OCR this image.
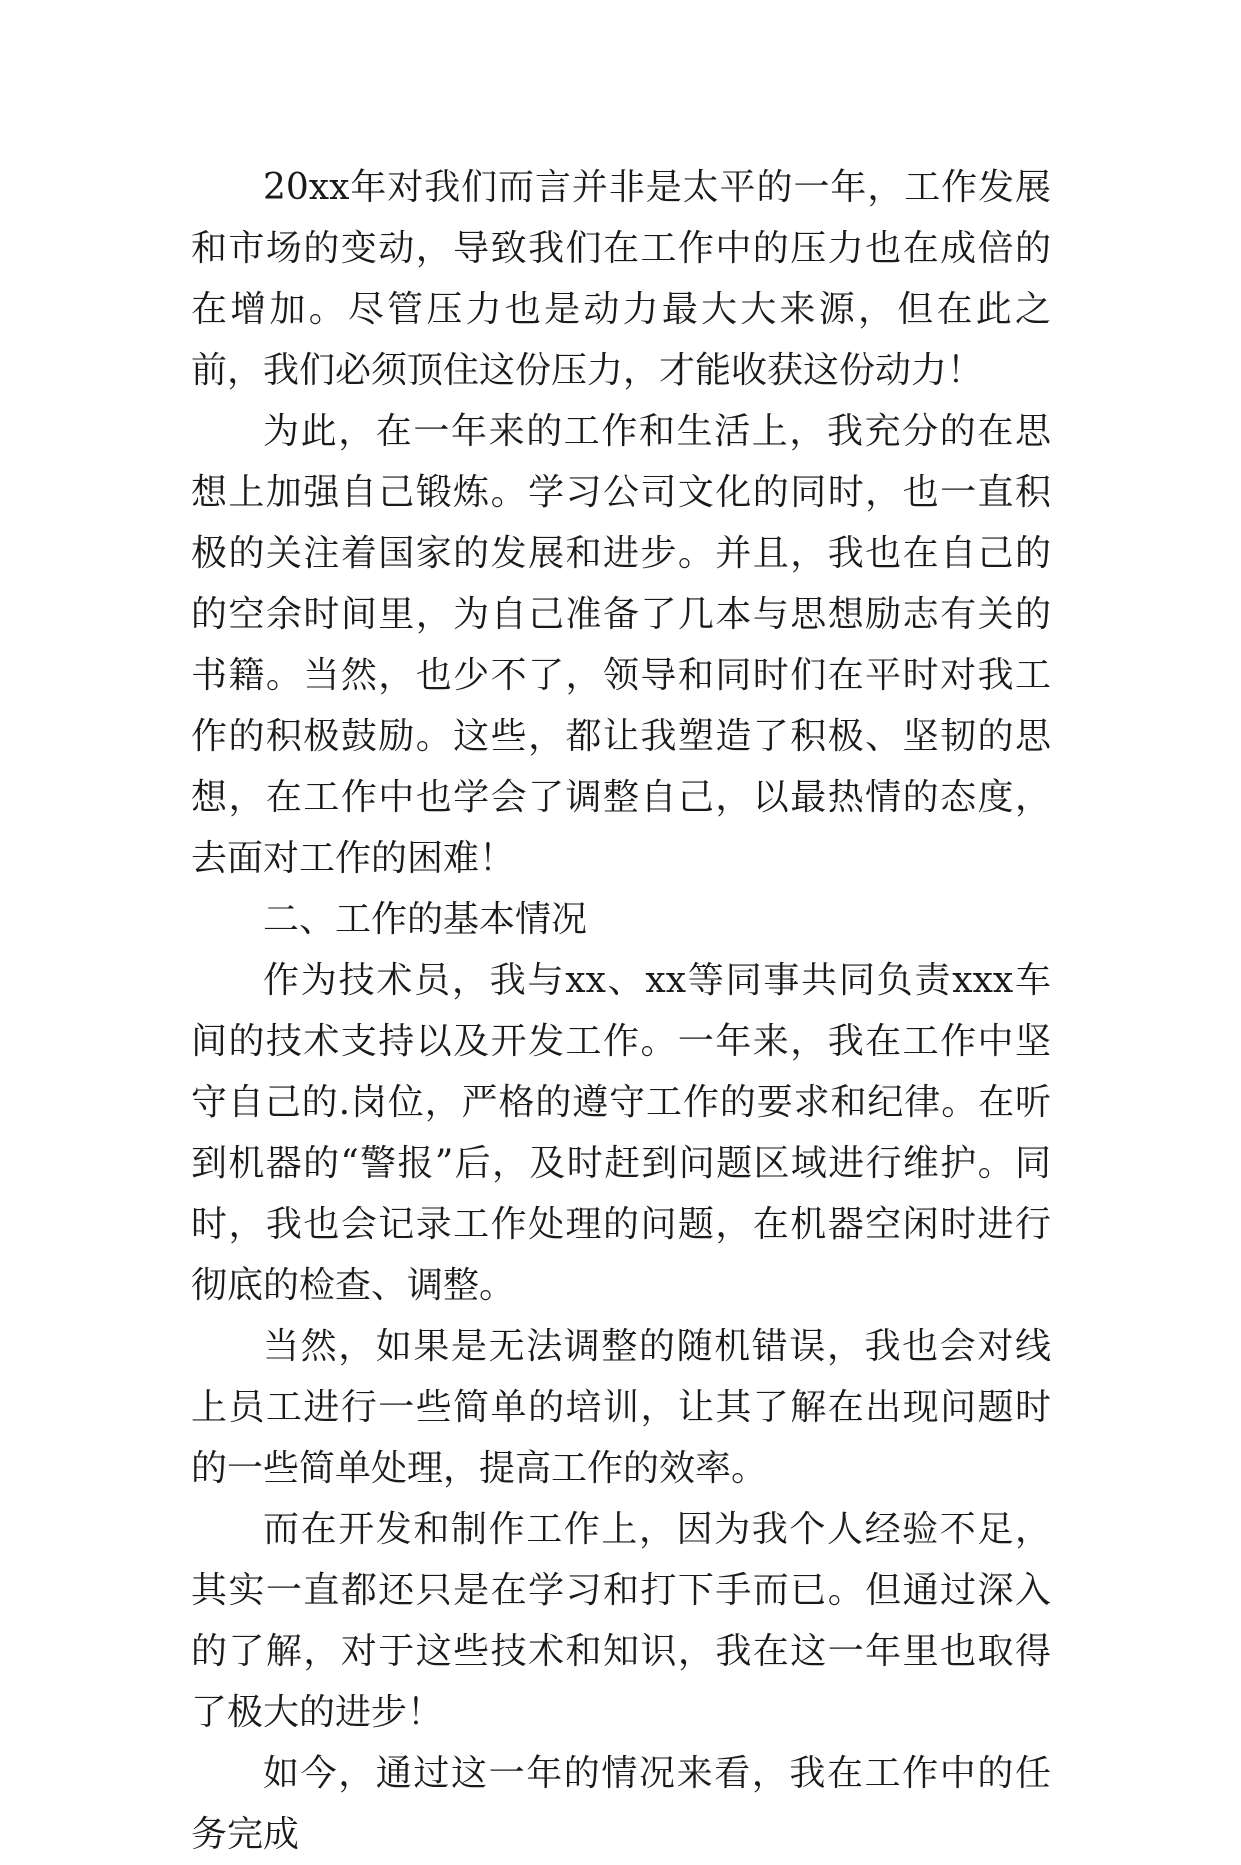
20xx年对我们而言并非是太平的一年，工作发展和市场的变动，导致我们在工作中的压力也在成倍的在增加。尽管压力也是动力最大大来源，但在此之前，我们必须顶住这份压力，才能收获这份动力！

为此，在一年来的工作和生活上，我充分的在思想上加强自己锻炼。学习公司文化的同时，也一直积极的关注着国家的发展和进步。并且，我也在自己的的空余时间里，为自己准备了几本与思想励志有关的书籍。当然，也少不了，领导和同时们在平时对我工作的积极鼓励。这些，都让我塑造了积极、坚韧的思想，在工作中也学会了调整自己，以最热情的态度，去面对工作的困难！

二、工作的基本情况

作为技术员，我与xx、xx等同事共同负责xxx车间的技术支持以及开发工作。一年来，我在工作中坚守自己的.岗位，严格的遵守工作的要求和纪律。在听到机器的“警报”后，及时赶到问题区域进行维护。同时，我也会记录工作处理的问题，在机器空闲时进行彻底的检查、调整。

当然，如果是无法调整的随机错误，我也会对线上员工进行一些简单的培训，让其了解在出现问题时的一些简单处理，提高工作的效率。

而在开发和制作工作上，因为我个人经验不足，其实一直都还只是在学习和打下手而已。但通过深入的了解，对于这些技术和知识，我在这一年里也取得了极大的进步！

如今，通过这一年的情况来看，我在工作中的任务完成
